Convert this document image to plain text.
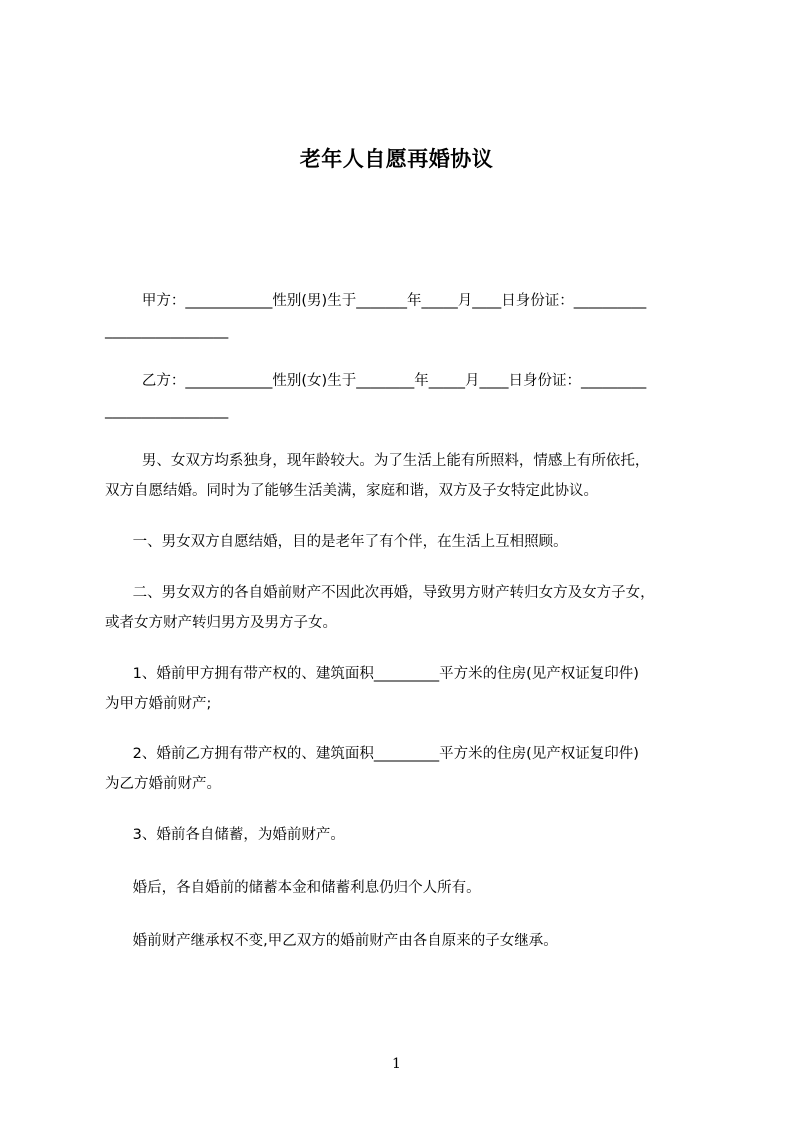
老年人自愿再婚协议
甲方：____________性别(男)生于_______年_____月____日身份证：__________
_________________
乙方：____________性别(女)生于________年_____月____日身份证：_________
_________________
男、女双方均系独身，现年龄较大。为了生活上能有所照料，情感上有所依托，
双方自愿结婚。同时为了能够生活美满，家庭和谐，双方及子女特定此协议。
一、男女双方自愿结婚，目的是老年了有个伴，在生活上互相照顾。
二、男女双方的各自婚前财产不因此次再婚，导致男方财产转归女方及女方子女，
或者女方财产转归男方及男方子女。
1、婚前甲方拥有带产权的、建筑面积_________平方米的住房(见产权证复印件)
为甲方婚前财产;
2、婚前乙方拥有带产权的、建筑面积_________平方米的住房(见产权证复印件)
为乙方婚前财产。
3、婚前各自储蓄，为婚前财产。
婚后，各自婚前的储蓄本金和储蓄利息仍归个人所有。
婚前财产继承权不变,甲乙双方的婚前财产由各自原来的子女继承。
1
